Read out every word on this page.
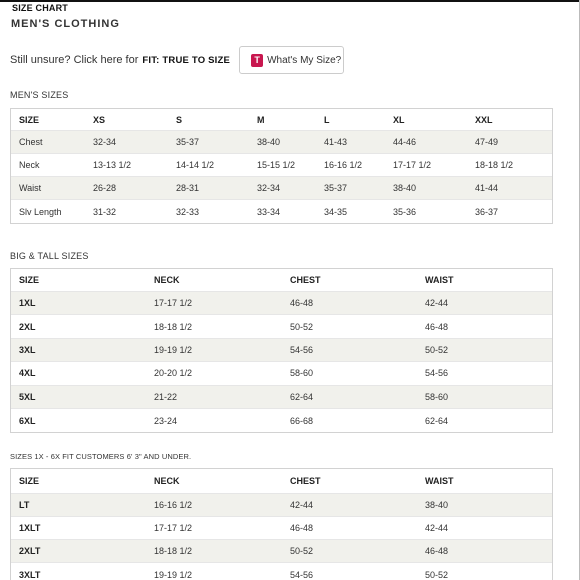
SIZE CHART
MEN'S CLOTHING
Still unsure? Click here for FIT: TRUE TO SIZE	T What's My Size?
MEN'S SIZES
SIZE	XS	S	M	L	XL	XXL
Chest	32-34	35-37	38-40	41-43	44-46	47-49
Neck	13-13 1/2	14-14 1/2	15-15 1/2	16-16 1/2	17-17 1/2	18-18 1/2
Waist	26-28	28-31	32-34	35-37	38-40	41-44
Slv Length	31-32	32-33	33-34	34-35	35-36	36-37
BIG & TALL SIZES
SIZE	NECK	CHEST	WAIST
1XL	17-17 1/2	46-48	42-44
2XL	18-18 1/2	50-52	46-48
3XL	19-19 1/2	54-56	50-52
4XL	20-20 1/2	58-60	54-56
5XL	21-22	62-64	58-60
6XL	23-24	66-68	62-64
SIZES 1X - 6X FIT CUSTOMERS 6' 3" AND UNDER.
SIZE	NECK	CHEST	WAIST
LT	16-16 1/2	42-44	38-40
1XLT	17-17 1/2	46-48	42-44
2XLT	18-18 1/2	50-52	46-48
3XLT	19-19 1/2	54-56	50-52
